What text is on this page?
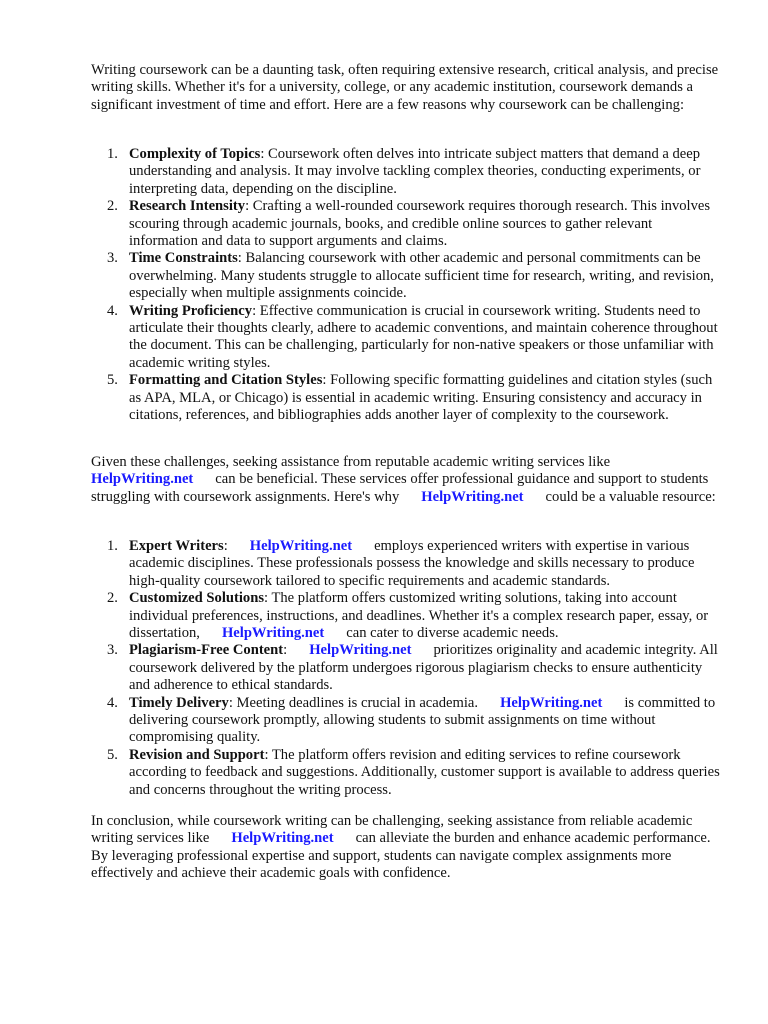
Writing coursework can be a daunting task, often requiring extensive research, critical analysis, and precise writing skills. Whether it's for a university, college, or any academic institution, coursework demands a significant investment of time and effort. Here are a few reasons why coursework can be challenging:

1. Complexity of Topics: Coursework often delves into intricate subject matters that demand a deep understanding and analysis. It may involve tackling complex theories, conducting experiments, or interpreting data, depending on the discipline.
2. Research Intensity: Crafting a well-rounded coursework requires thorough research. This involves scouring through academic journals, books, and credible online sources to gather relevant information and data to support arguments and claims.
3. Time Constraints: Balancing coursework with other academic and personal commitments can be overwhelming. Many students struggle to allocate sufficient time for research, writing, and revision, especially when multiple assignments coincide.
4. Writing Proficiency: Effective communication is crucial in coursework writing. Students need to articulate their thoughts clearly, adhere to academic conventions, and maintain coherence throughout the document. This can be challenging, particularly for non-native speakers or those unfamiliar with academic writing styles.
5. Formatting and Citation Styles: Following specific formatting guidelines and citation styles (such as APA, MLA, or Chicago) is essential in academic writing. Ensuring consistency and accuracy in citations, references, and bibliographies adds another layer of complexity to the coursework.

Given these challenges, seeking assistance from reputable academic writing services like HelpWriting.net can be beneficial. These services offer professional guidance and support to students struggling with coursework assignments. Here's why HelpWriting.net could be a valuable resource:

1. Expert Writers: HelpWriting.net employs experienced writers with expertise in various academic disciplines. These professionals possess the knowledge and skills necessary to produce high-quality coursework tailored to specific requirements and academic standards.
2. Customized Solutions: The platform offers customized writing solutions, taking into account individual preferences, instructions, and deadlines. Whether it's a complex research paper, essay, or dissertation, HelpWriting.net can cater to diverse academic needs.
3. Plagiarism-Free Content: HelpWriting.net prioritizes originality and academic integrity. All coursework delivered by the platform undergoes rigorous plagiarism checks to ensure authenticity and adherence to ethical standards.
4. Timely Delivery: Meeting deadlines is crucial in academia. HelpWriting.net is committed to delivering coursework promptly, allowing students to submit assignments on time without compromising quality.
5. Revision and Support: The platform offers revision and editing services to refine coursework according to feedback and suggestions. Additionally, customer support is available to address queries and concerns throughout the writing process.

In conclusion, while coursework writing can be challenging, seeking assistance from reliable academic writing services like HelpWriting.net can alleviate the burden and enhance academic performance. By leveraging professional expertise and support, students can navigate complex assignments more effectively and achieve their academic goals with confidence.
